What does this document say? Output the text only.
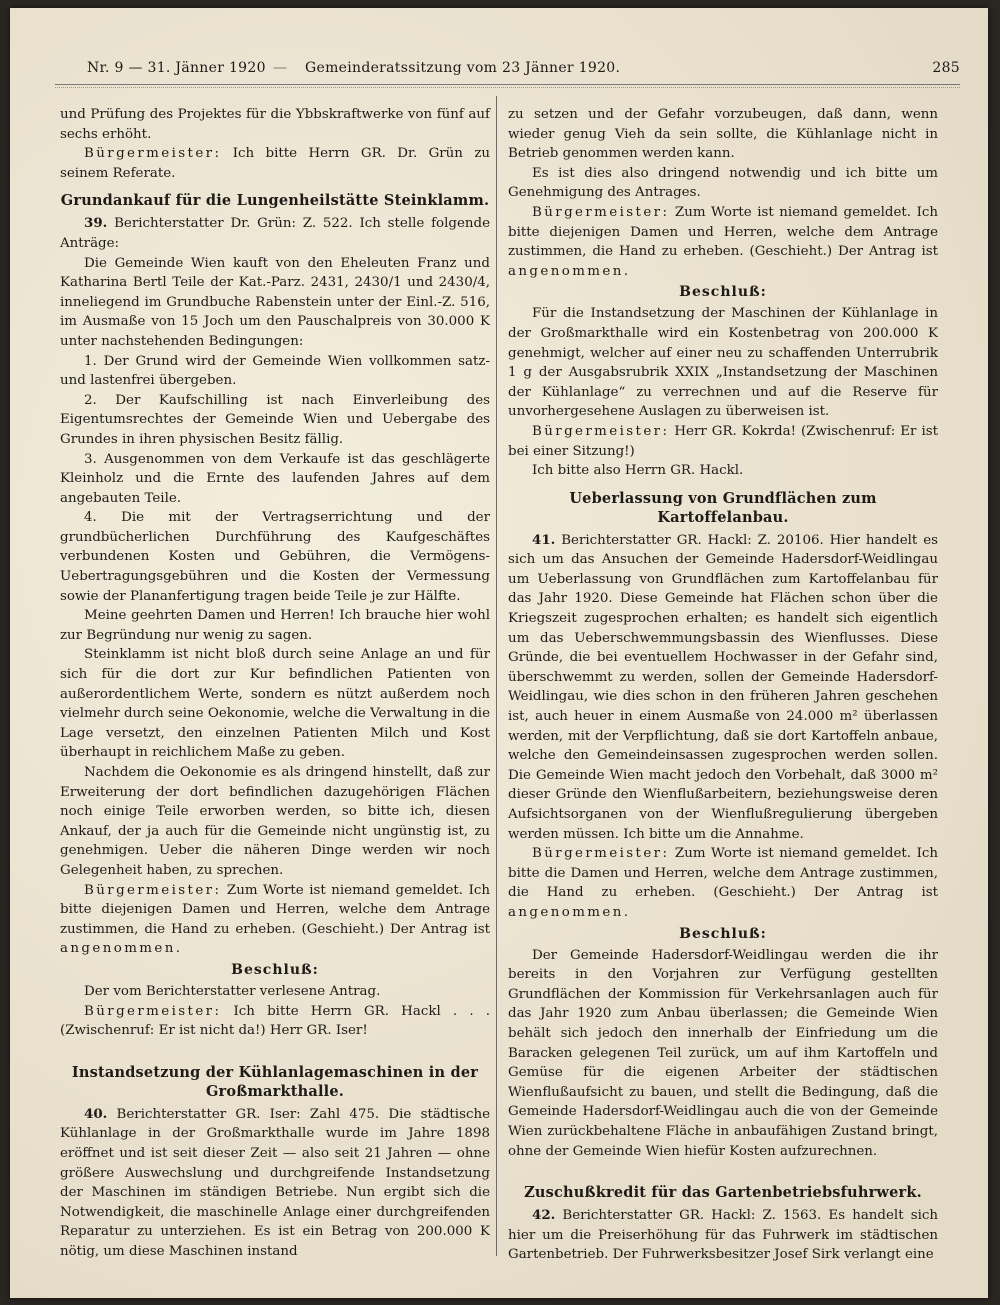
Nr. 9 — 31. Jänner 1920 — Gemeinderatssitzung vom 23 Jänner 1920.	285

und Prüfung des Projektes für die Ybbskraftwerke von fünf auf sechs erhöht.

Bürgermeister: Ich bitte Herrn GR. Dr. Grün zu seinem Referate.

Grundankauf für die Lungenheilstätte Steinklamm.

39. Berichterstatter Dr. Grün: Z. 522. Ich stelle folgende Anträge:

Die Gemeinde Wien kauft von den Eheleuten Franz und Katharina Bertl Teile der Kat.-Parz. 2431, 2430/1 und 2430/4, inneliegend im Grundbuche Rabenstein unter der Einl.-Z. 516, im Ausmaße von 15 Joch um den Pauschalpreis von 30.000 K unter nachstehenden Bedingungen:

1. Der Grund wird der Gemeinde Wien vollkommen satz- und lastenfrei übergeben.

2. Der Kaufschilling ist nach Einverleibung des Eigentumsrechtes der Gemeinde Wien und Uebergabe des Grundes in ihren physischen Besitz fällig.

3. Ausgenommen von dem Verkaufe ist das geschlägerte Kleinholz und die Ernte des laufenden Jahres auf dem angebauten Teile.

4. Die mit der Vertragserrichtung und der grundbücherlichen Durchführung des Kaufgeschäftes verbundenen Kosten und Gebühren, die Vermögens-Uebertragungsgebühren und die Kosten der Vermessung sowie der Plananfertigung tragen beide Teile je zur Hälfte.

Meine geehrten Damen und Herren! Ich brauche hier wohl zur Begründung nur wenig zu sagen.

Steinklamm ist nicht bloß durch seine Anlage an und für sich für die dort zur Kur befindlichen Patienten von außerordentlichem Werte, sondern es nützt außerdem noch vielmehr durch seine Oekonomie, welche die Verwaltung in die Lage versetzt, den einzelnen Patienten Milch und Kost überhaupt in reichlichem Maße zu geben.

Nachdem die Oekonomie es als dringend hinstellt, daß zur Erweiterung der dort befindlichen dazugehörigen Flächen noch einige Teile erworben werden, so bitte ich, diesen Ankauf, der ja auch für die Gemeinde nicht ungünstig ist, zu genehmigen. Ueber die näheren Dinge werden wir noch Gelegenheit haben, zu sprechen.

Bürgermeister: Zum Worte ist niemand gemeldet. Ich bitte diejenigen Damen und Herren, welche dem Antrage zustimmen, die Hand zu erheben. (Geschieht.) Der Antrag ist angenommen.

Beschluß:

Der vom Berichterstatter verlesene Antrag.

Bürgermeister: Ich bitte Herrn GR. Hackl . . . (Zwischenruf: Er ist nicht da!) Herr GR. Iser!

Instandsetzung der Kühlanlagemaschinen in der Großmarkthalle.

40. Berichterstatter GR. Iser: Zahl 475. Die städtische Kühlanlage in der Großmarkthalle wurde im Jahre 1898 eröffnet und ist seit dieser Zeit — also seit 21 Jahren — ohne größere Auswechslung und durchgreifende Instandsetzung der Maschinen im ständigen Betriebe. Nun ergibt sich die Notwendigkeit, die maschinelle Anlage einer durchgreifenden Reparatur zu unterziehen. Es ist ein Betrag von 200.000 K nötig, um diese Maschinen instand

zu setzen und der Gefahr vorzubeugen, daß dann, wenn wieder genug Vieh da sein sollte, die Kühlanlage nicht in Betrieb genommen werden kann.

Es ist dies also dringend notwendig und ich bitte um Genehmigung des Antrages.

Bürgermeister: Zum Worte ist niemand gemeldet. Ich bitte diejenigen Damen und Herren, welche dem Antrage zustimmen, die Hand zu erheben. (Geschieht.) Der Antrag ist angenommen.

Beschluß:

Für die Instandsetzung der Maschinen der Kühlanlage in der Großmarkthalle wird ein Kostenbetrag von 200.000 K genehmigt, welcher auf einer neu zu schaffenden Unterrubrik 1 g der Ausgabsrubrik XXIX „Instandsetzung der Maschinen der Kühlanlage“ zu verrechnen und auf die Reserve für unvorhergesehene Auslagen zu überweisen ist.

Bürgermeister: Herr GR. Kokrda! (Zwischenruf: Er ist bei einer Sitzung!)

Ich bitte also Herrn GR. Hackl.

Ueberlassung von Grundflächen zum Kartoffelanbau.

41. Berichterstatter GR. Hackl: Z. 20106. Hier handelt es sich um das Ansuchen der Gemeinde Hadersdorf-Weidlingau um Ueberlassung von Grundflächen zum Kartoffelanbau für das Jahr 1920. Diese Gemeinde hat Flächen schon über die Kriegszeit zugesprochen erhalten; es handelt sich eigentlich um das Ueberschwemmungsbassin des Wienflusses. Diese Gründe, die bei eventuellem Hochwasser in der Gefahr sind, überschwemmt zu werden, sollen der Gemeinde Hadersdorf-Weidlingau, wie dies schon in den früheren Jahren geschehen ist, auch heuer in einem Ausmaße von 24.000 m² überlassen werden, mit der Verpflichtung, daß sie dort Kartoffeln anbaue, welche den Gemeindeinsassen zugesprochen werden sollen. Die Gemeinde Wien macht jedoch den Vorbehalt, daß 3000 m² dieser Gründe den Wienflußarbeitern, beziehungsweise deren Aufsichtsorganen von der Wienflußregulierung übergeben werden müssen. Ich bitte um die Annahme.

Bürgermeister: Zum Worte ist niemand gemeldet. Ich bitte die Damen und Herren, welche dem Antrage zustimmen, die Hand zu erheben. (Geschieht.) Der Antrag ist angenommen.

Beschluß:

Der Gemeinde Hadersdorf-Weidlingau werden die ihr bereits in den Vorjahren zur Verfügung gestellten Grundflächen der Kommission für Verkehrsanlagen auch für das Jahr 1920 zum Anbau überlassen; die Gemeinde Wien behält sich jedoch den innerhalb der Einfriedung um die Baracken gelegenen Teil zurück, um auf ihm Kartoffeln und Gemüse für die eigenen Arbeiter der städtischen Wienflußaufsicht zu bauen, und stellt die Bedingung, daß die Gemeinde Hadersdorf-Weidlingau auch die von der Gemeinde Wien zurückbehaltene Fläche in anbaufähigen Zustand bringt, ohne der Gemeinde Wien hiefür Kosten aufzurechnen.

Zuschußkredit für das Gartenbetriebsfuhrwerk.

42. Berichterstatter GR. Hackl: Z. 1563. Es handelt sich hier um die Preiserhöhung für das Fuhrwerk im städtischen Gartenbetrieb. Der Fuhrwerksbesitzer Josef Sirk verlangt eine
